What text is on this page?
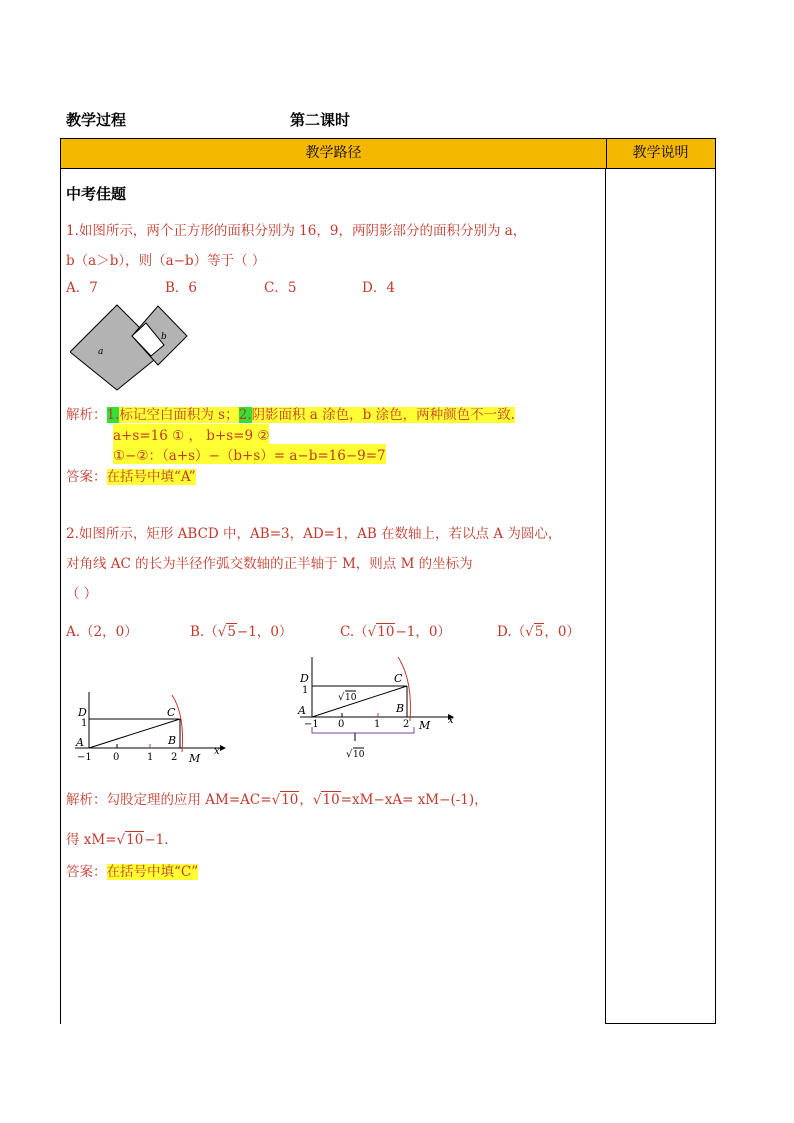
教学过程	第二课时
教学路径	教学说明
中考佳题
1.如图所示，两个正方形的面积分别为 16，9，两阴影部分的面积分别为 a，
b（a＞b），则（a−b）等于（ ）
A．7	B．6	C．5	D．4
a
b
解析：1.标记空白面积为 s；2.阴影面积 a 涂色，b 涂色，两种颜色不一致.
a+s=16 ① ， b+s=9 ②
①−②：（a+s）−（b+s）= a−b=16−9=7
答案：在括号中填“A”
2.如图所示，矩形 ABCD 中，AB=3，AD=1，AB 在数轴上，若以点 A 为圆心，
对角线 AC 的长为半径作弧交数轴的正半轴于 M，则点 M 的坐标为
（ ）
A.（2，0）	B.（√5−1，0）	C.（√10−1，0）	D.（√5，0）
D
1
C
A	B
−1 0	1 2 M
x
D
1
C
√ 10
A	B
−1 0	1 2 M x
√ 10
解析：勾股定理的应用 AM=AC=√10，√10=xM−xA= xM−(-1)，
得 xM=√10−1.
答案：在括号中填“C”
